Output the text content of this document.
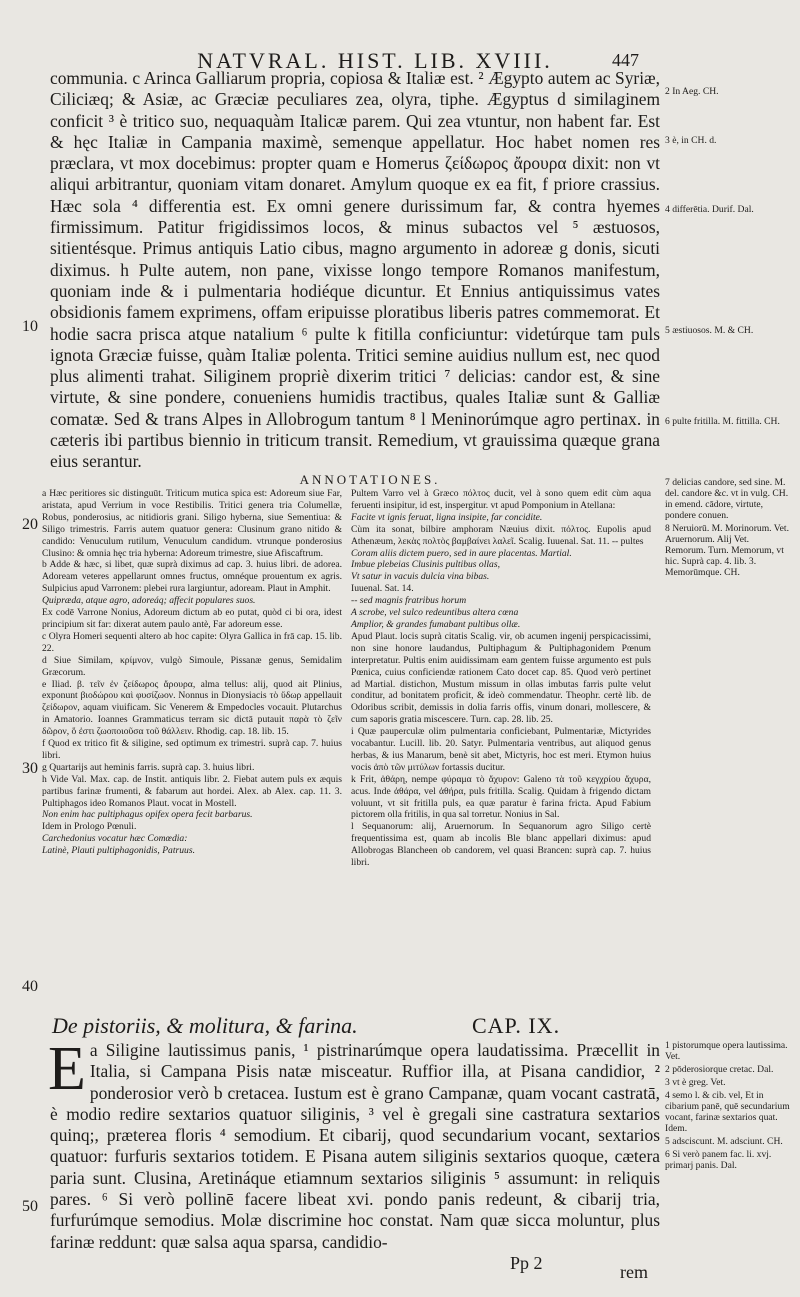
NATVRAL. HIST. LIB. XVIII.	447

communia. c Arinca Galliarum propria, copiosa & Italiæ est. ² Ægypto autem ac Syriæ, Ciliciæq; & Asiæ, ac Græciæ peculiares zea, olyra, tiphe. Ægyptus d similaginem conficit ³ è tritico suo, nequaquàm Italicæ parem. Qui zea vtuntur, non habent far. Est & hęc Italiæ in Campania maximè, semenque appellatur. Hoc habet nomen res præclara, vt mox docebimus: propter quam e Homerus ζείδωρος ἄρουρα dixit: non vt aliqui arbitrantur, quoniam vitam donaret. Amylum quoque ex ea fit, f priore crassius. Hæc sola ⁴ differentia est. Ex omni genere durissimum far, & contra hyemes firmissimum. Patitur frigidissimos locos, & minus subactos vel ⁵ æstuosos, sitientésque. Primus antiquis Latio cibus, magno argumento in adoreæ g donis, sicuti diximus. h Pulte autem, non pane, vixisse longo tempore Romanos manifestum, quoniam inde & i pulmentaria hodiéque dicuntur. Et Ennius antiquissimus vates obsidionis famem exprimens, offam eripuisse ploratibus liberis patres commemorat. Et hodie sacra prisca atque natalium ⁶ pulte k fitilla conficiuntur: videtúrque tam puls ignota Græciæ fuisse, quàm Italiæ polenta. Tritici semine auidius nullum est, nec quod plus alimenti trahat. Siliginem propriè dixerim tritici ⁷ delicias: candor est, & sine virtute, & sine pondere, conueniens humidis tractibus, quales Italiæ sunt & Galliæ comatæ. Sed & trans Alpes in Allobrogum tantum ⁸ l Meninorúmque agro pertinax. in cæteris ibi partibus biennio in triticum transit. Remedium, vt grauissima quæque grana eius serantur.

ANNOTATIONES.

a Hæc peritiores sic distinguūt. Triticum mutica spica est: Adoreum siue Far, aristata, apud Verrium in voce Restibilis. Tritici genera tria Columellæ, Robus, ponderosius, ac nitidioris grani. Siligo hyberna, siue Sementiua: & Siligo trimestris. Farris autem quatuor genera: Clusinum grano nitido & candido: Venuculum rutilum, Venuculum candidum. vtrunque ponderosius Clusino: & omnia hęc tria hyberna: Adoreum trimestre, siue Afiscaftrum.

b Adde & hæc, si libet, quæ suprà diximus ad cap. 3. huius libri. de adorea. Adoream veteres appellarunt omnes fructus, omnéque prouentum ex agris. Sulpicius apud Varronem: plebei rura largiuntur, adoream. Plaut in Amphit.

Quipræda, atque agro, adoreáq; affecit populares suos.

Ex codē Varrone Nonius, Adoreum dictum ab eo putat, quòd ci bi ora, idest principium sit far: dixerat autem paulo antè, Far adoreum esse.

c Olyra Homeri sequenti altero ab hoc capite: Olyra Gallica in frā cap. 15. lib. 22.

d Siue Similam, κρίμνον, vulgò Simoule, Pissanæ genus, Semidalim Græcorum.

e Iliad. β. τεῖν ἐν ζείδωρος ἄρουρα, alma tellus: alij, quod ait Plinius, exponunt βιοδώρου καὶ φυσίζωον. Nonnus in Dionysiacis τὸ ὕδωρ appellauit ζείδωρον, aquam viuificam. Sic Venerem & Empedocles vocauit. Plutarchus in Amatorio. Ioannes Grammaticus terram sic dictā putauit παρὰ τὸ ζεῖν δῶρον, ὅ ἐστι ζωοποιοῦσα τοῦ θάλλειν. Rhodig. cap. 18. lib. 15.

f Quod ex tritico fit & siligine, sed optimum ex trimestri. suprà cap. 7. huius libri.

g Quartarijs aut heminis farris. suprà cap. 3. huius libri.

h Vide Val. Max. cap. de Instit. antiquis libr. 2. Fiebat autem puls ex æquis partibus farinæ frumenti, & fabarum aut hordei. Alex. ab Alex. cap. 11. 3. Pultiphagos ideo Romanos Plaut. vocat in Mostell.

Non enim hac pultiphagus opifex opera fecit barbarus.

Idem in Prologo Pœnuli.

Carchedonius vocatur hæc Comœdia:

Latinè, Plauti pultiphagonidis, Patruus.

Pultem Varro vel à Græco πόλτος ducit, vel à sono quem edit cùm aqua feruenti insipitur, id est, inspergitur. vt apud Pomponium in Atellana:

Facite vt ignis feruat, ligna insipite, far concidite.

Cùm ita sonat, bilbire amphoram Næuius dixit. πόλτος. Eupolis apud Athenæum, λεκὰς πολτὸς βαμβαίνει λαλεῖ. Scalig. Iuuenal. Sat. 11. -- pultes

Coram aliis dictem puero, sed in aure placentas. Martial.

Imbue plebeias Clusinis pultibus ollas,

Vt satur in vacuis dulcia vina bibas.

Iuuenal. Sat. 14.

-- sed magnis fratribus horum

A scrobe, vel sulco redeuntibus altera cœna

Amplior, & grandes fumabant pultibus ollæ.

Apud Plaut. locis suprà citatis Scalig. vir, ob acumen ingenij perspicacissimi, non sine honore laudandus, Pultiphagum & Pultiphagonidem Pœnum interpretatur. Pultis enim auidissimam eam gentem fuisse argumento est puls Pœnica, cuius conficiendæ rationem Cato docet cap. 85. Quod verò pertinet ad Martial. distichon, Mustum missum in ollas imbutas farris pulte velut conditur, ad bonitatem proficit, & ideò commendatur. Theophr. certè lib. de Odoribus scribit, demissis in dolia farris offis, vinum donari, mollescere, & cum saporis gratia miscescere. Turn. cap. 28. lib. 25.

i Quæ pauperculæ olim pulmentaria conficiebant, Pulmentariæ, Mictyrides vocabantur. Lucill. lib. 20. Satyr. Pulmentaria ventribus, aut aliquod genus herbas, & ius Manarum, benè sit abet, Mictyris, hoc est meri. Etymon huius vocis ἀπὸ τῶν μιτύλων fortassis ducitur.

k Frit, ἀθάρη, nempe φύραμα τὸ ἄχυρον: Galeno τὰ τοῦ κεγχρίου ἄχυρα, acus. Inde ἀθάρα, vel ἀθήρα, puls fritilla. Scalig. Quidam à frigendo dictam voluunt, vt sit fritilla puls, ea quæ paratur è farina fricta. Apud Fabium pictorem olla fritilis, in qua sal torretur. Nonius in Sal.

l Sequanorum: alij, Aruernorum. In Sequanorum agro Siligo certè frequentissima est, quam ab incolis Ble blanc appellari diximus: apud Allobrogas Blancheen ob candorem, vel quasi Brancen: suprà cap. 7. huius libri.

De pistoriis, & molitura, & farina.	CAP. IX.
E a Siligine lautissimus panis, ¹ pistrinarúmque opera laudatissima. Præcellit in Italia, si Campana Pisis natæ misceatur. Ruffior illa, at Pisana candidior, ² ponderosior verò b cretacea. Iustum est è grano Campanæ, quam vocant castratā, è modio redire sextarios quatuor siliginis, ³ vel è gregali sine castratura sextarios quinq;, præterea floris ⁴ semodium. Et cibarij, quod secundarium vocant, sextarios quatuor: furfuris sextarios totidem. E Pisana autem siliginis sextarios quoque, cætera paria sunt. Clusina, Aretináque etiamnum sextarios siliginis ⁵ assumunt: in reliquis pares. ⁶ Si verò pollinē facere libeat xvi. pondo panis redeunt, & cibarij tria, furfurúmque semodius. Molæ discrimine hoc constat. Nam quæ sicca moluntur, plus farinæ reddunt: quæ salsa aqua sparsa, candidio-

Pp 2	rem
10
20
30
40
50

2 In Aeg. CH.

3 è, in CH. d.

4 differētia. Durif. Dal.

5 æstiuosos. M. & CH.

6 pulte fritilla. M. fittilla. CH.

7 delicias candore, sed sine. M. del. candore &c. vt in vulg. CH. in emend. cādore, virtute, pondere conuen.

8 Neruiorū. M. Morinorum. Vet. Aruernorum. Alij Vet. Remorum. Turn. Memorum, vt hic. Suprà cap. 4. lib. 3. Memorūmque. CH.

1 pistorumque opera lautissima. Vet.

2 pōderosiorque cretac. Dal.

3 vt è greg. Vet.

4 semo l. & cib. vel, Et in cibarium panē, quē secundarium vocant, farinæ sextarios quat. Idem.

5 adsciscunt. M. adsciunt. CH.

6 Si verò panem fac. li. xvj. primarj panis. Dal.
